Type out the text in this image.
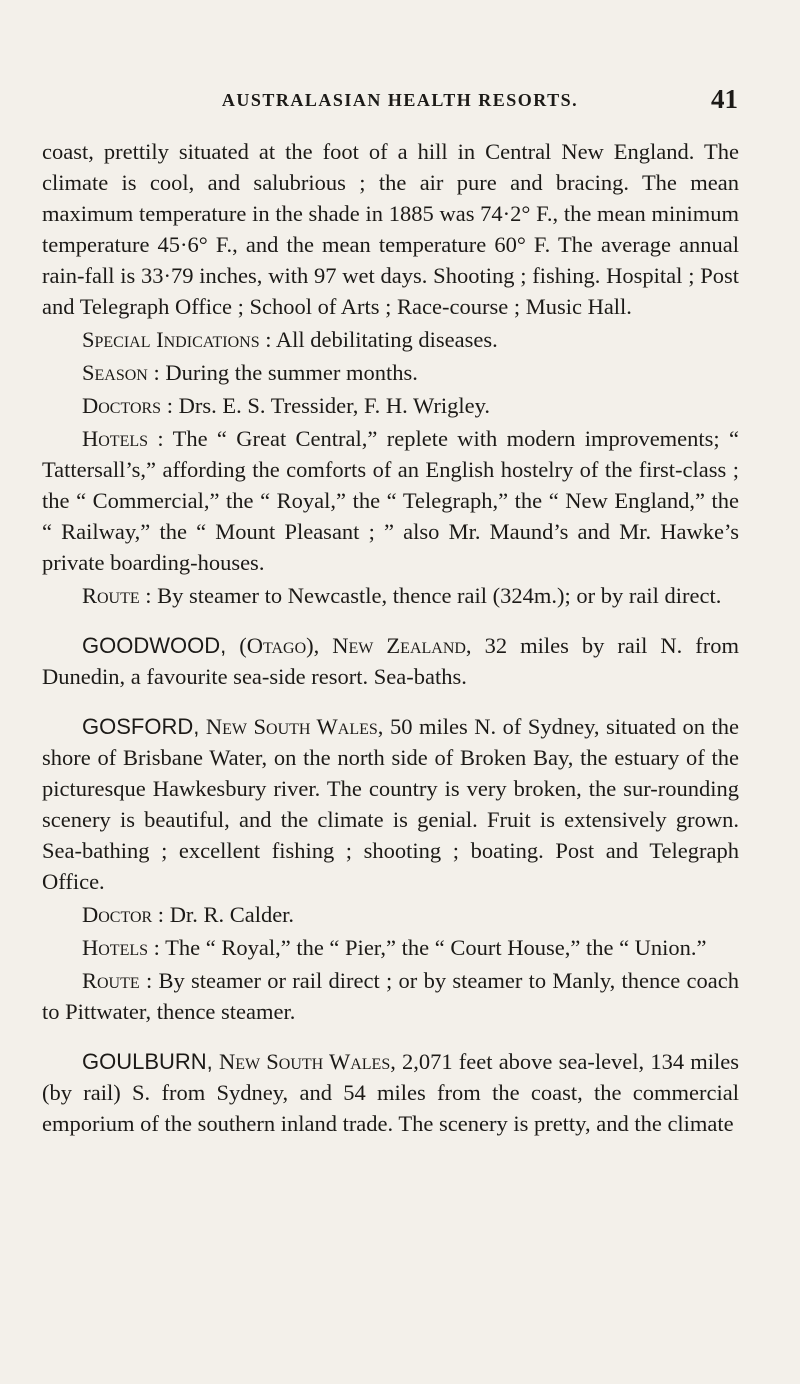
AUSTRALASIAN HEALTH RESORTS.	41

coast, prettily situated at the foot of a hill in Central New England. The climate is cool, and salubrious ; the air pure and bracing. The mean maximum temperature in the shade in 1885 was 74·2° F., the mean minimum temperature 45·6° F., and the mean temperature 60° F. The average annual rain-fall is 33·79 inches, with 97 wet days. Shooting ; fishing. Hospital ; Post and Telegraph Office ; School of Arts ; Race-course ; Music Hall.

Special Indications : All debilitating diseases.

Season : During the summer months.

Doctors : Drs. E. S. Tressider, F. H. Wrigley.

Hotels : The “ Great Central,” replete with modern improvements; “ Tattersall’s,” affording the comforts of an English hostelry of the first-class ; the “ Commercial,” the “ Royal,” the “ Telegraph,” the “ New England,” the “ Railway,” the “ Mount Pleasant ; ” also Mr. Maund’s and Mr. Hawke’s private boarding-houses.

Route : By steamer to Newcastle, thence rail (324m.); or by rail direct.

GOODWOOD, (Otago), New Zealand, 32 miles by rail N. from Dunedin, a favourite sea-side resort. Sea-baths.

GOSFORD, New South Wales, 50 miles N. of Sydney, situated on the shore of Brisbane Water, on the north side of Broken Bay, the estuary of the picturesque Hawkesbury river. The country is very broken, the sur-rounding scenery is beautiful, and the climate is genial. Fruit is extensively grown. Sea-bathing ; excellent fishing ; shooting ; boating. Post and Telegraph Office.

Doctor : Dr. R. Calder.

Hotels : The “ Royal,” the “ Pier,” the “ Court House,” the “ Union.”

Route : By steamer or rail direct ; or by steamer to Manly, thence coach to Pittwater, thence steamer.

GOULBURN, New South Wales, 2,071 feet above sea-level, 134 miles (by rail) S. from Sydney, and 54 miles from the coast, the commercial emporium of the southern inland trade. The scenery is pretty, and the climate
